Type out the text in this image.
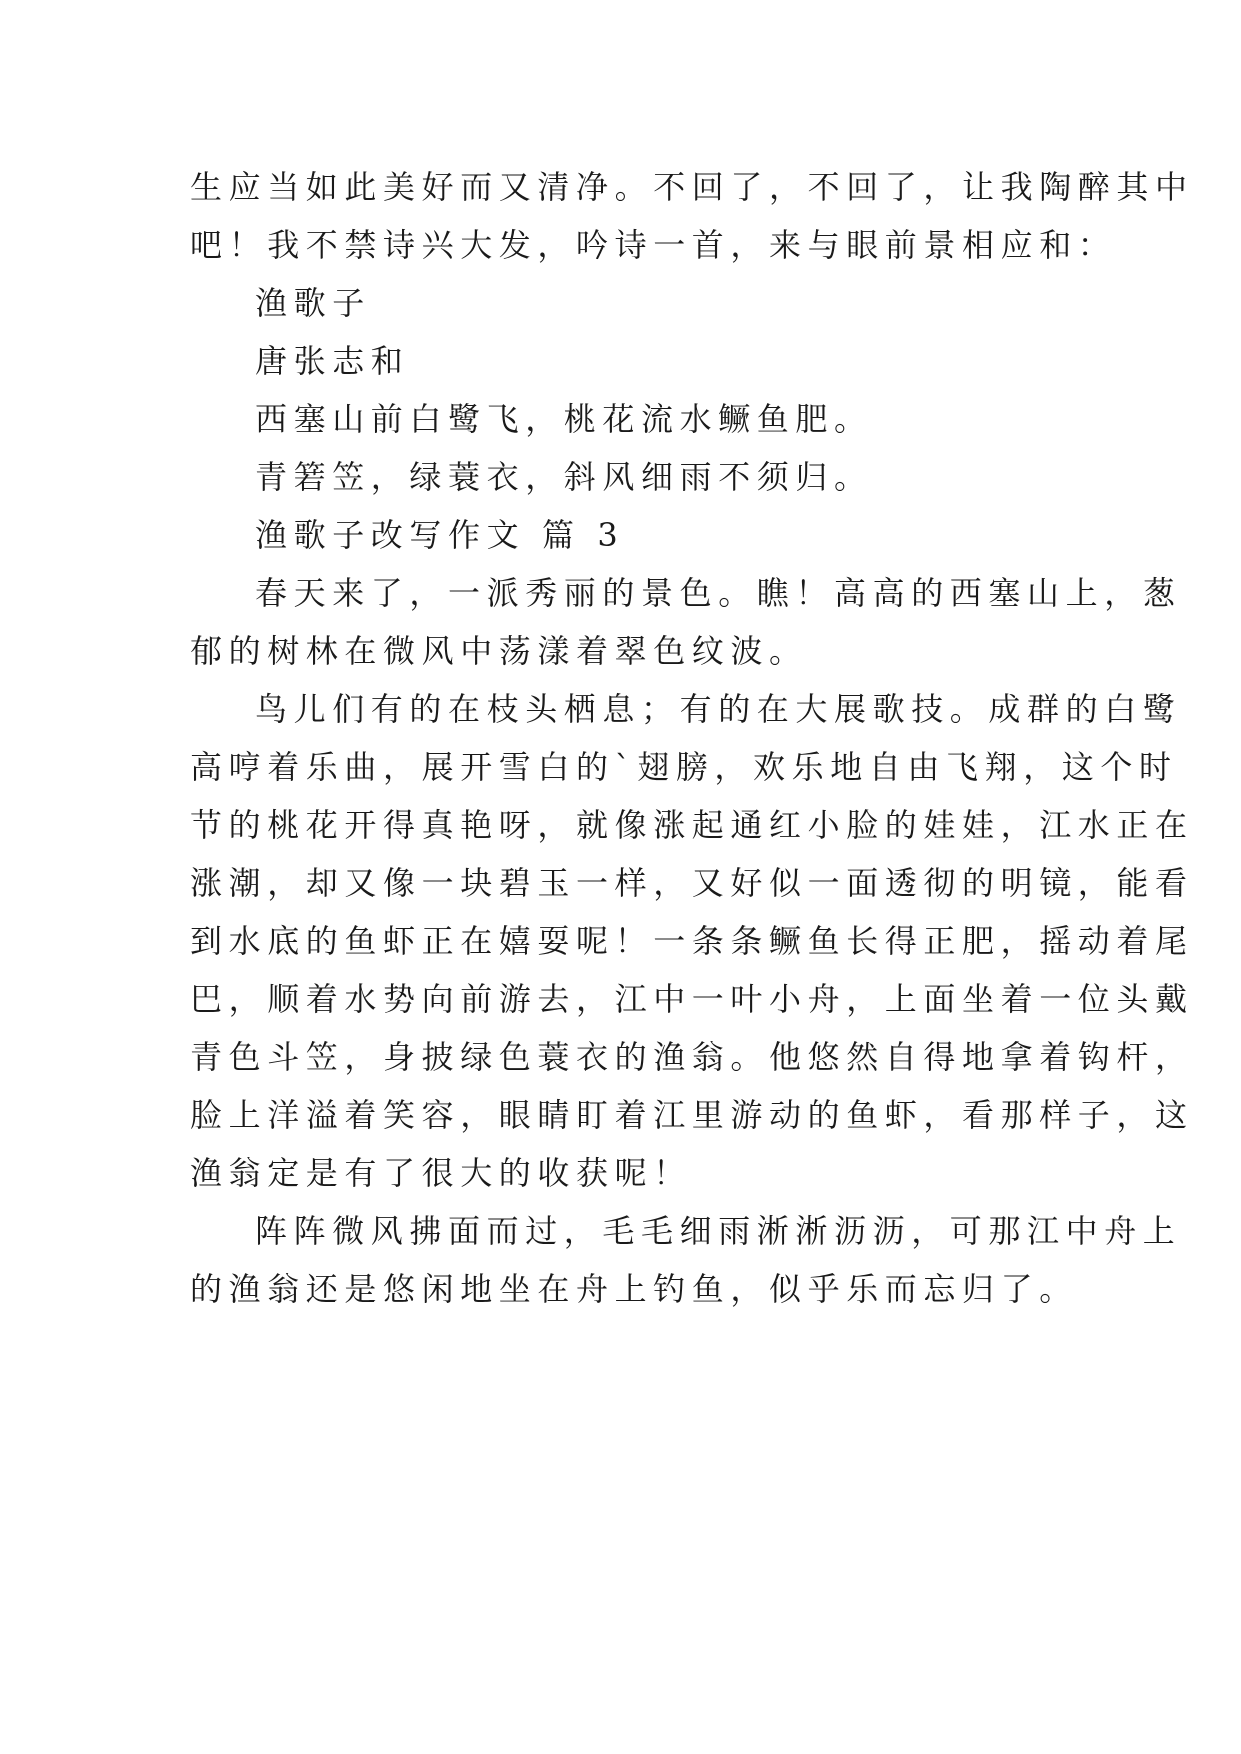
生应当如此美好而又清净。不回了，不回了，让我陶醉其中

吧！我不禁诗兴大发，吟诗一首，来与眼前景相应和：

渔歌子

唐张志和

西塞山前白鹭飞，桃花流水鳜鱼肥。

青箬笠，绿蓑衣，斜风细雨不须归。

渔歌子改写作文 篇 3

春天来了，一派秀丽的景色。瞧！高高的西塞山上，葱

郁的树林在微风中荡漾着翠色纹波。

鸟儿们有的在枝头栖息；有的在大展歌技。成群的白鹭

高哼着乐曲，展开雪白的`翅膀，欢乐地自由飞翔，这个时

节的桃花开得真艳呀，就像涨起通红小脸的娃娃，江水正在

涨潮，却又像一块碧玉一样，又好似一面透彻的明镜，能看

到水底的鱼虾正在嬉耍呢！一条条鳜鱼长得正肥，摇动着尾

巴，顺着水势向前游去，江中一叶小舟，上面坐着一位头戴

青色斗笠，身披绿色蓑衣的渔翁。他悠然自得地拿着钩杆，

脸上洋溢着笑容，眼睛盯着江里游动的鱼虾，看那样子，这

渔翁定是有了很大的收获呢！

阵阵微风拂面而过，毛毛细雨淅淅沥沥，可那江中舟上

的渔翁还是悠闲地坐在舟上钓鱼，似乎乐而忘归了。
